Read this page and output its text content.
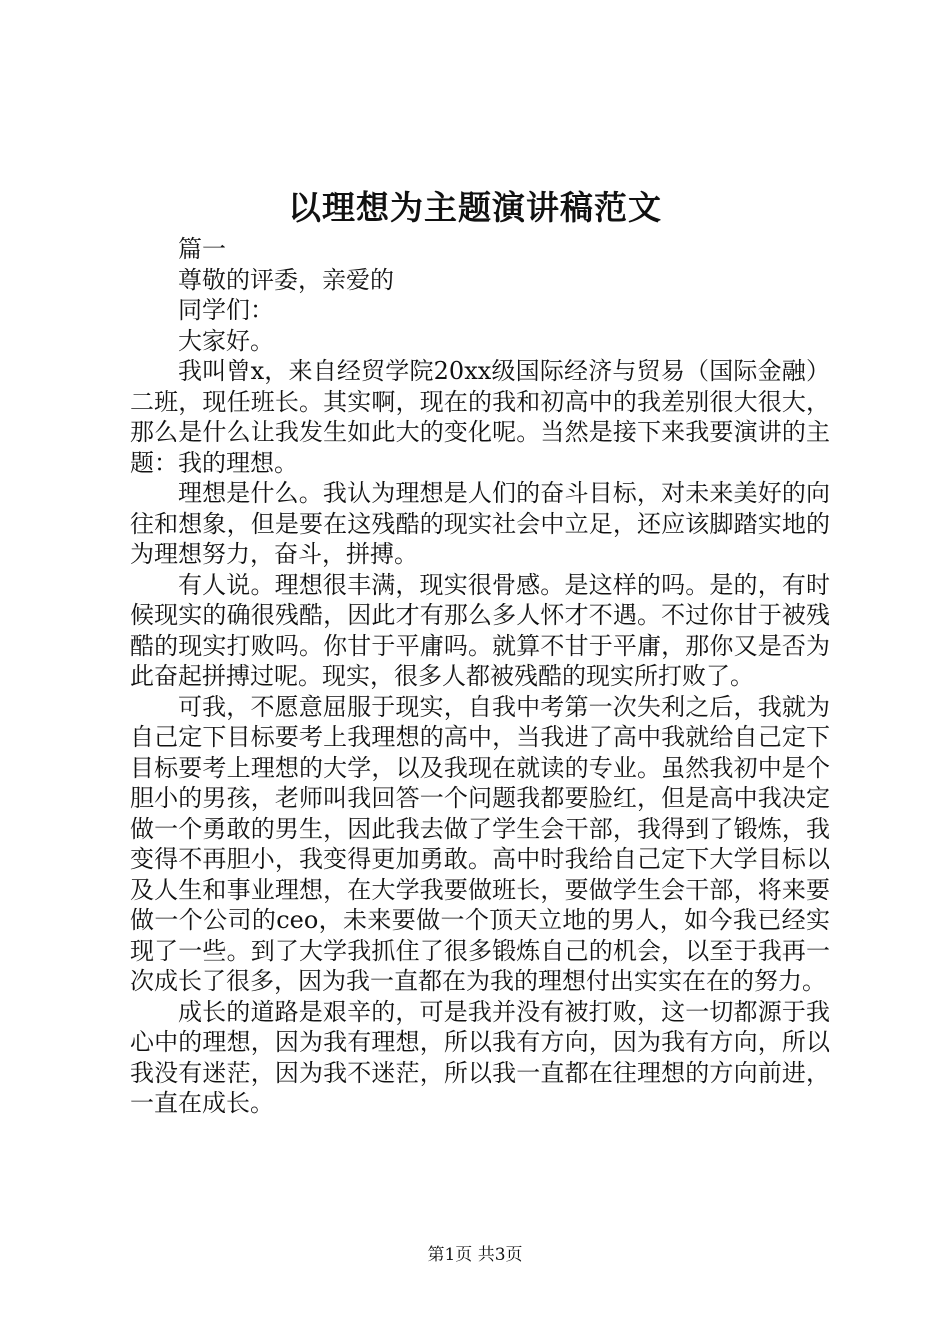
以理想为主题演讲稿范文

篇一

尊敬的评委，亲爱的

同学们：

大家好。

我叫曾x，来自经贸学院20xx级国际经济与贸易（国际金融）二班，现任班长。其实啊，现在的我和初高中的我差别很大很大，那么是什么让我发生如此大的变化呢。当然是接下来我要演讲的主题：我的理想。

理想是什么。我认为理想是人们的奋斗目标，对未来美好的向往和想象，但是要在这残酷的现实社会中立足，还应该脚踏实地的为理想努力，奋斗，拼搏。

有人说。理想很丰满，现实很骨感。是这样的吗。是的，有时候现实的确很残酷，因此才有那么多人怀才不遇。不过你甘于被残酷的现实打败吗。你甘于平庸吗。就算不甘于平庸，那你又是否为此奋起拼搏过呢。现实，很多人都被残酷的现实所打败了。

可我，不愿意屈服于现实，自我中考第一次失利之后，我就为自己定下目标要考上我理想的高中，当我进了高中我就给自己定下目标要考上理想的大学，以及我现在就读的专业。虽然我初中是个胆小的男孩，老师叫我回答一个问题我都要脸红，但是高中我决定做一个勇敢的男生，因此我去做了学生会干部，我得到了锻炼，我变得不再胆小，我变得更加勇敢。高中时我给自己定下大学目标以及人生和事业理想，在大学我要做班长，要做学生会干部，将来要做一个公司的ceo，未来要做一个顶天立地的男人，如今我已经实现了一些。到了大学我抓住了很多锻炼自己的机会，以至于我再一次成长了很多，因为我一直都在为我的理想付出实实在在的努力。

成长的道路是艰辛的，可是我并没有被打败，这一切都源于我心中的理想，因为我有理想，所以我有方向，因为我有方向，所以我没有迷茫，因为我不迷茫，所以我一直都在往理想的方向前进，一直在成长。

第1页 共3页
